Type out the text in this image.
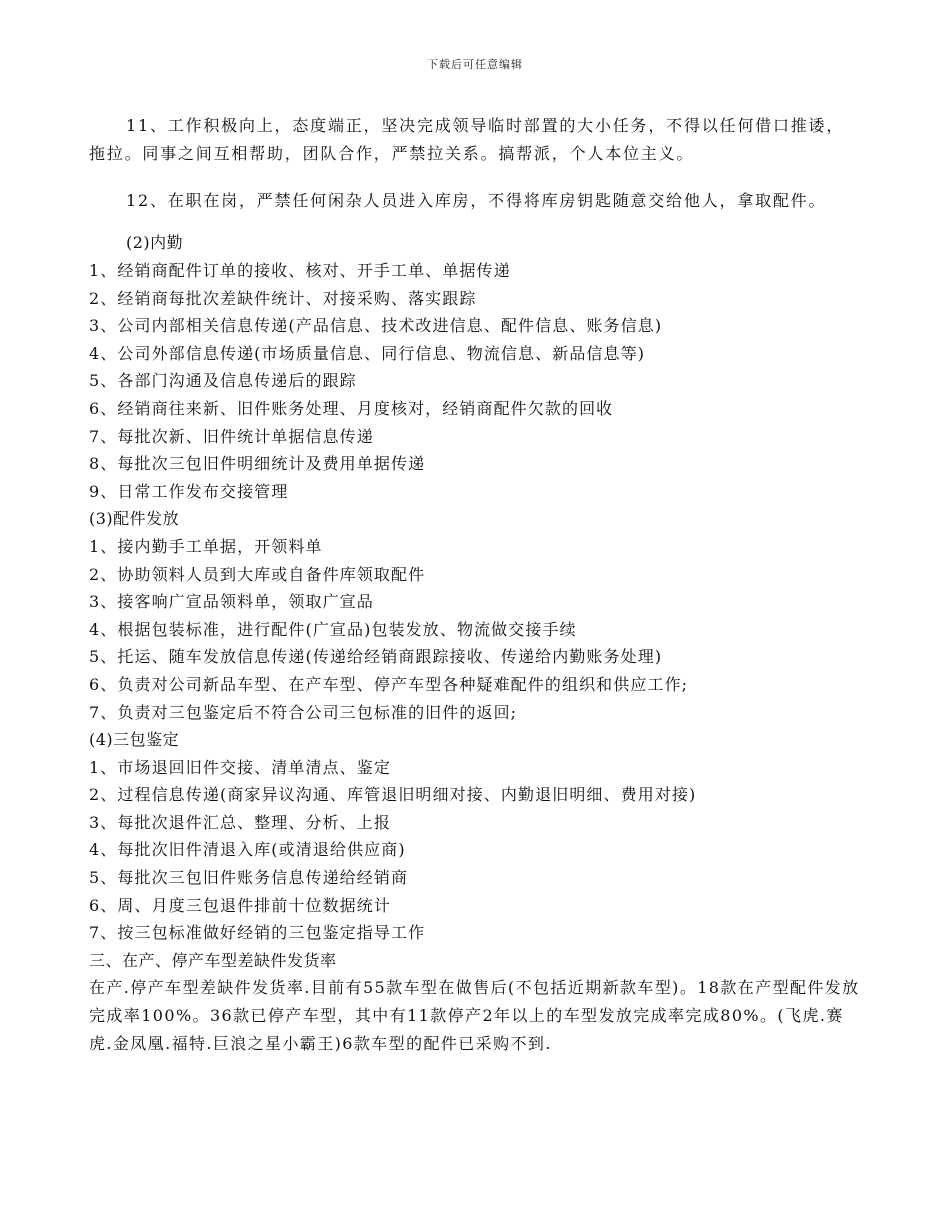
下载后可任意编辑

11、工作积极向上，态度端正，坚决完成领导临时部置的大小任务，不得以任何借口推诿，拖拉。同事之间互相帮助，团队合作，严禁拉关系。搞帮派，个人本位主义。

12、在职在岗，严禁任何闲杂人员进入库房，不得将库房钥匙随意交给他人，拿取配件。

(2)内勤

1、经销商配件订单的接收、核对、开手工单、单据传递

2、经销商每批次差缺件统计、对接采购、落实跟踪

3、公司内部相关信息传递(产品信息、技术改进信息、配件信息、账务信息)

4、公司外部信息传递(市场质量信息、同行信息、物流信息、新品信息等)

5、各部门沟通及信息传递后的跟踪

6、经销商往来新、旧件账务处理、月度核对，经销商配件欠款的回收

7、每批次新、旧件统计单据信息传递

8、每批次三包旧件明细统计及费用单据传递

9、日常工作发布交接管理

(3)配件发放

1、接内勤手工单据，开领料单

2、协助领料人员到大库或自备件库领取配件

3、接客响广宣品领料单，领取广宣品

4、根据包装标准，进行配件(广宣品)包装发放、物流做交接手续

5、托运、随车发放信息传递(传递给经销商跟踪接收、传递给内勤账务处理)

6、负责对公司新品车型、在产车型、停产车型各种疑难配件的组织和供应工作;

7、负责对三包鉴定后不符合公司三包标准的旧件的返回;

(4)三包鉴定

1、市场退回旧件交接、清单清点、鉴定

2、过程信息传递(商家异议沟通、库管退旧明细对接、内勤退旧明细、费用对接)

3、每批次退件汇总、整理、分析、上报

4、每批次旧件清退入库(或清退给供应商)

5、每批次三包旧件账务信息传递给经销商

6、周、月度三包退件排前十位数据统计

7、按三包标准做好经销的三包鉴定指导工作

三、在产、停产车型差缺件发货率

在产.停产车型差缺件发货率.目前有55款车型在做售后(不包括近期新款车型)。18款在产型配件发放完成率100%。36款已停产车型，其中有11款停产2年以上的车型发放完成率完成80%。(飞虎.赛虎.金凤凰.福特.巨浪之星小霸王)6款车型的配件已采购不到.
